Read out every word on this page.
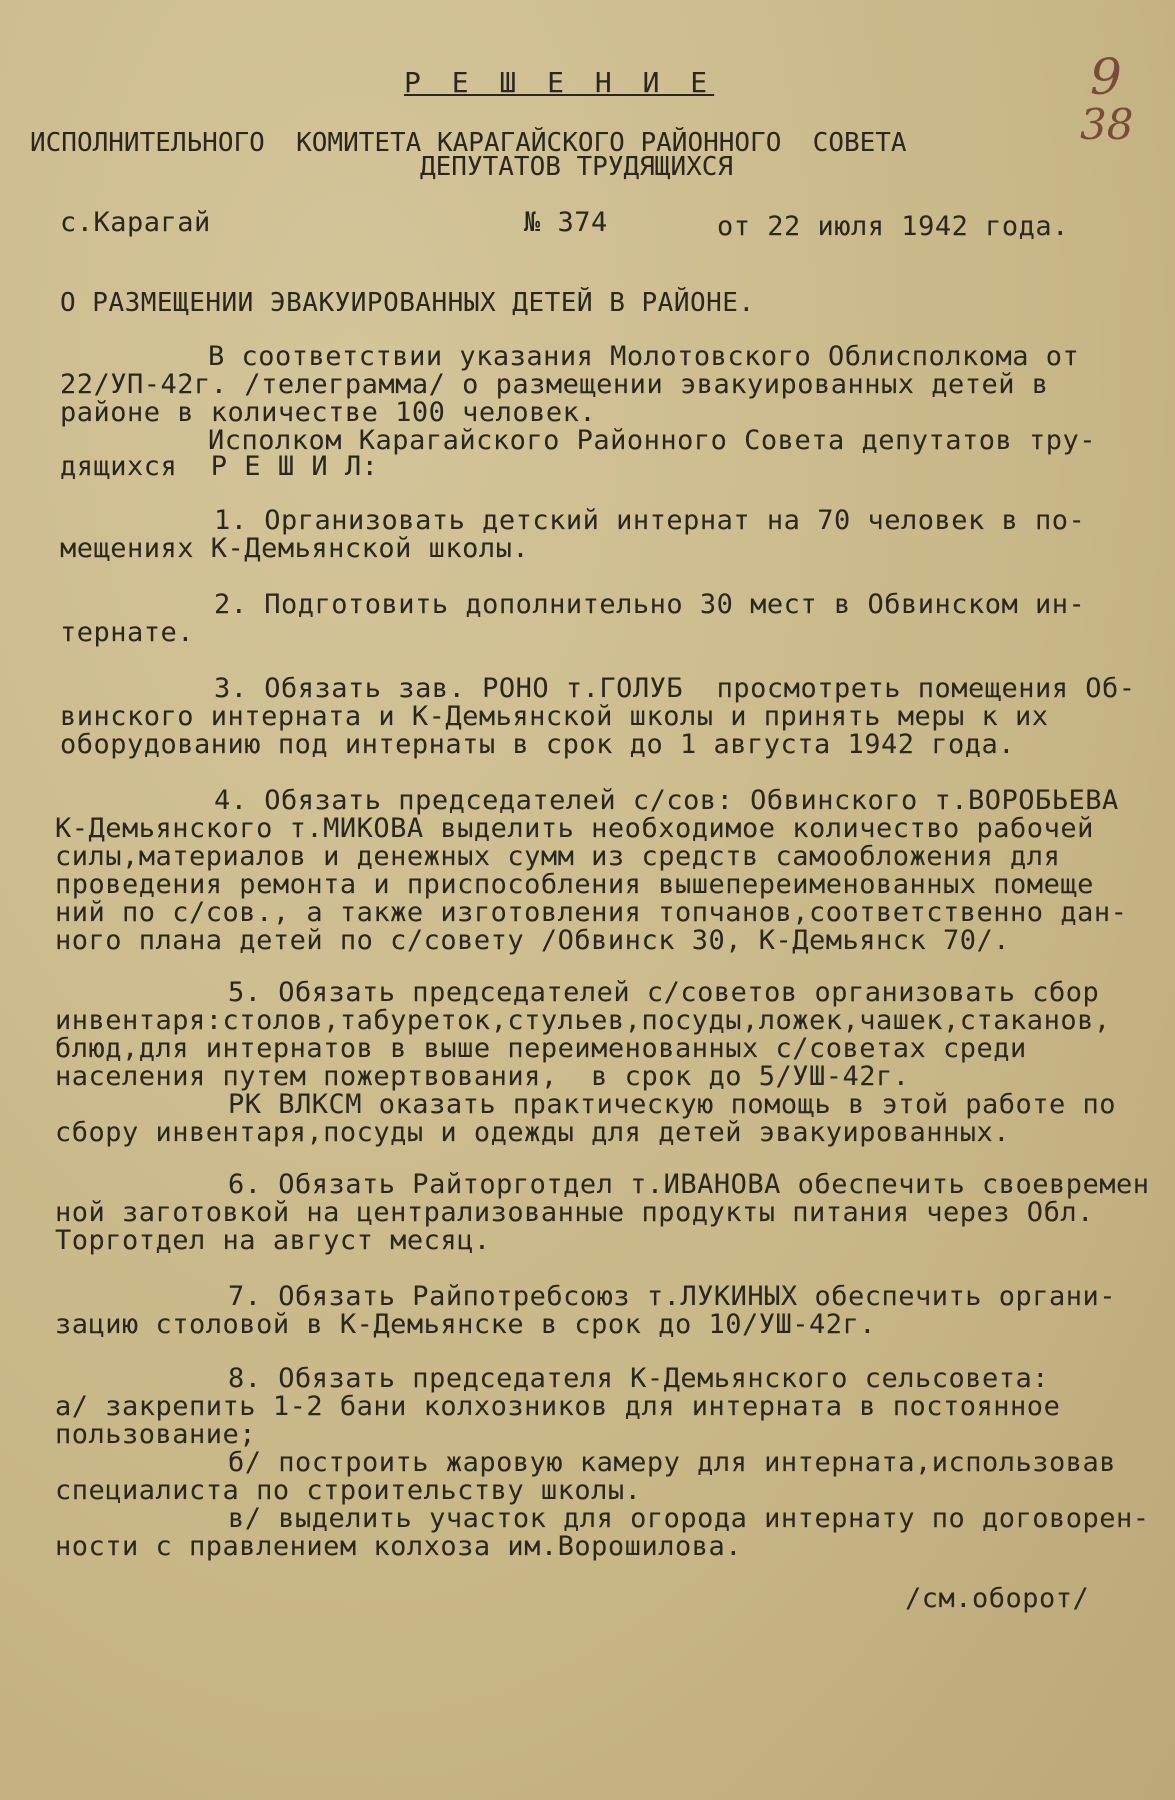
9
38
Р Е Ш Е Н И Е
ИСПОЛНИТЕЛЬНОГО  КОМИТЕТА КАРАГАЙСКОГО РАЙОННОГО  СОВЕТА
ДЕПУТАТОВ ТРУДЯЩИХСЯ
с.Карагай	№ 374	от 22 июля 1942 года.
О РАЗМЕЩЕНИИ ЭВАКУИРОВАННЫХ ДЕТЕЙ В РАЙОНЕ.
В соответствии указания Молотовского Облисполкома от
22/УП-42г. /телеграмма/ о размещении эвакуированных детей в
районе в количестве 100 человек.
Исполком Карагайского Районного Совета депутатов тру-
дящихся  Р Е Ш И Л:
1. Организовать детский интернат на 70 человек в по-
мещениях К-Демьянской школы.
2. Подготовить дополнительно 30 мест в Обвинском ин-
тернате.
3. Обязать зав. РОНО т.ГОЛУБ  просмотреть помещения Об-
винского интерната и К-Демьянской школы и принять меры к их
оборудованию под интернаты в срок до 1 августа 1942 года.
4. Обязать председателей с/сов: Обвинского т.ВОРОБЬЕВА
К-Демьянского т.МИКОВА выделить необходимое количество рабочей
силы,материалов и денежных сумм из средств самообложения для
проведения ремонта и приспособления вышепереименованных помеще
ний по с/сов., а также изготовления топчанов,соответственно дан-
ного плана детей по с/совету /Обвинск 30, К-Демьянск 70/.
5. Обязать председателей с/советов организовать сбор
инвентаря:столов,табуреток,стульев,посуды,ложек,чашек,стаканов,
блюд,для интернатов в выше переименованных с/советах среди
населения путем пожертвования,  в срок до 5/УШ-42г.
РК ВЛКСМ оказать практическую помощь в этой работе по
сбору инвентаря,посуды и одежды для детей эвакуированных.
6. Обязать Райторготдел т.ИВАНОВА обеспечить своевремен
ной заготовкой на централизованные продукты питания через Обл.
Торготдел на август месяц.
7. Обязать Райпотребсоюз т.ЛУКИНЫХ обеспечить органи-
зацию столовой в К-Демьянске в срок до 10/УШ-42г.
8. Обязать председателя К-Демьянского сельсовета:
а/ закрепить 1-2 бани колхозников для интерната в постоянное
пользование;
б/ построить жаровую камеру для интерната,использовав
специалиста по строительству школы.
в/ выделить участок для огорода интернату по договорен-
ности с правлением колхоза им.Ворошилова.
/см.оборот/
